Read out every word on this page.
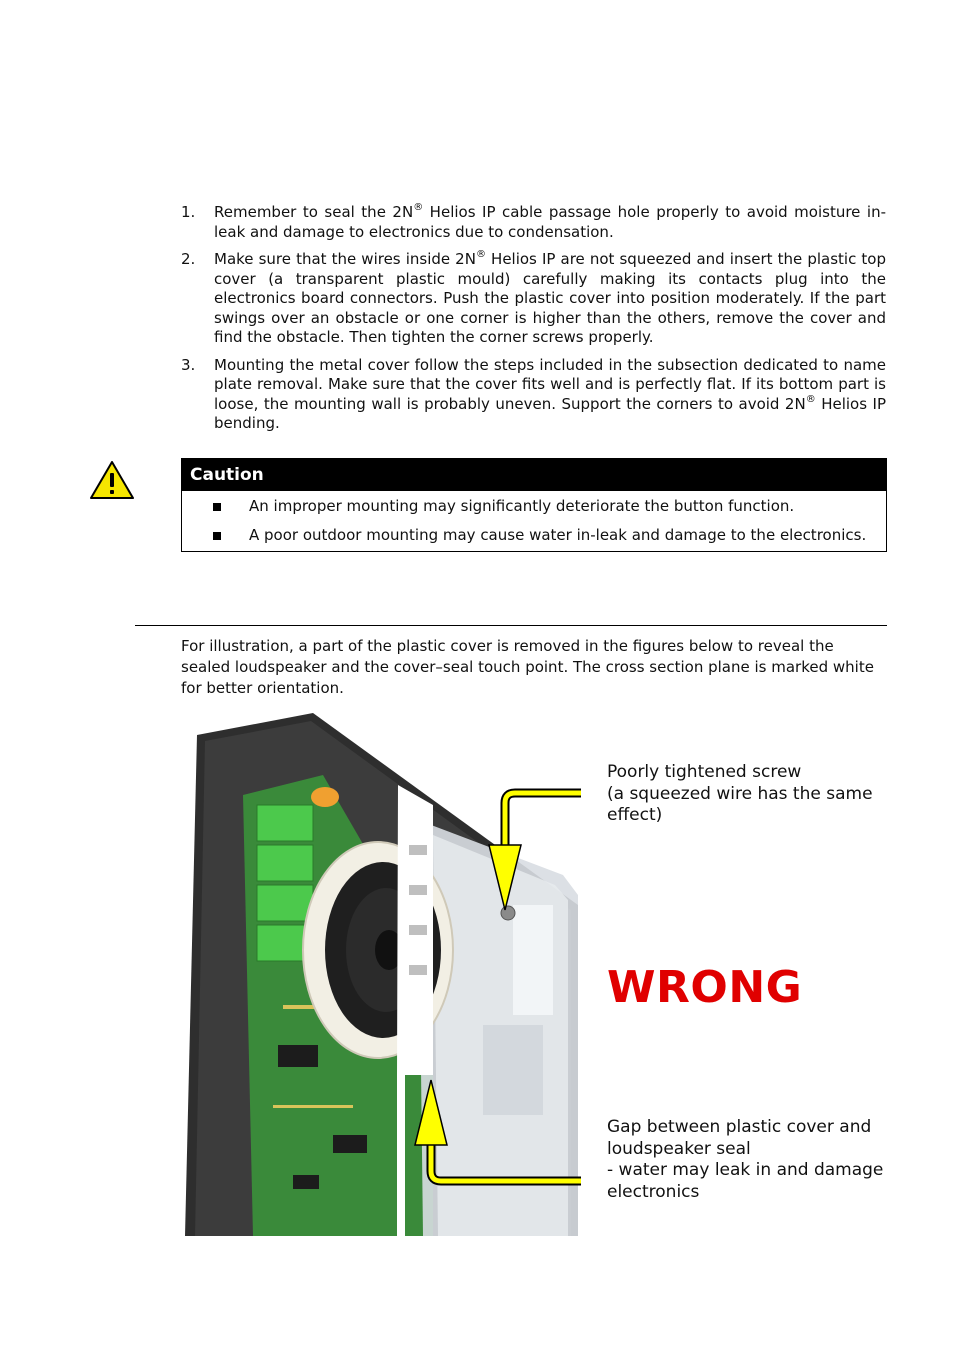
1. Remember to seal the 2N® Helios IP cable passage hole properly to avoid moisture in-leak and damage to electronics due to condensation.
2. Make sure that the wires inside 2N® Helios IP are not squeezed and insert the plastic top cover (a transparent plastic mould) carefully making its contacts plug into the electronics board connectors. Push the plastic cover into position moderately. If the part swings over an obstacle or one corner is higher than the others, remove the cover and find the obstacle. Then tighten the corner screws properly.
3. Mounting the metal cover follow the steps included in the subsection dedicated to name plate removal. Make sure that the cover fits well and is perfectly flat. If its bottom part is loose, the mounting wall is probably uneven. Support the corners to avoid 2N® Helios IP bending.
Caution
An improper mounting may significantly deteriorate the button function.
A poor outdoor mounting may cause water in-leak and damage to the electronics.

For illustration, a part of the plastic cover is removed in the figures below to reveal the sealed loudspeaker and the cover–seal touch point. The cross section plane is marked white for better orientation.

Poorly tightened screw
(a squeezed wire has the same effect)

WRONG

Gap between plastic cover and loudspeaker seal
- water may leak in and damage electronics
